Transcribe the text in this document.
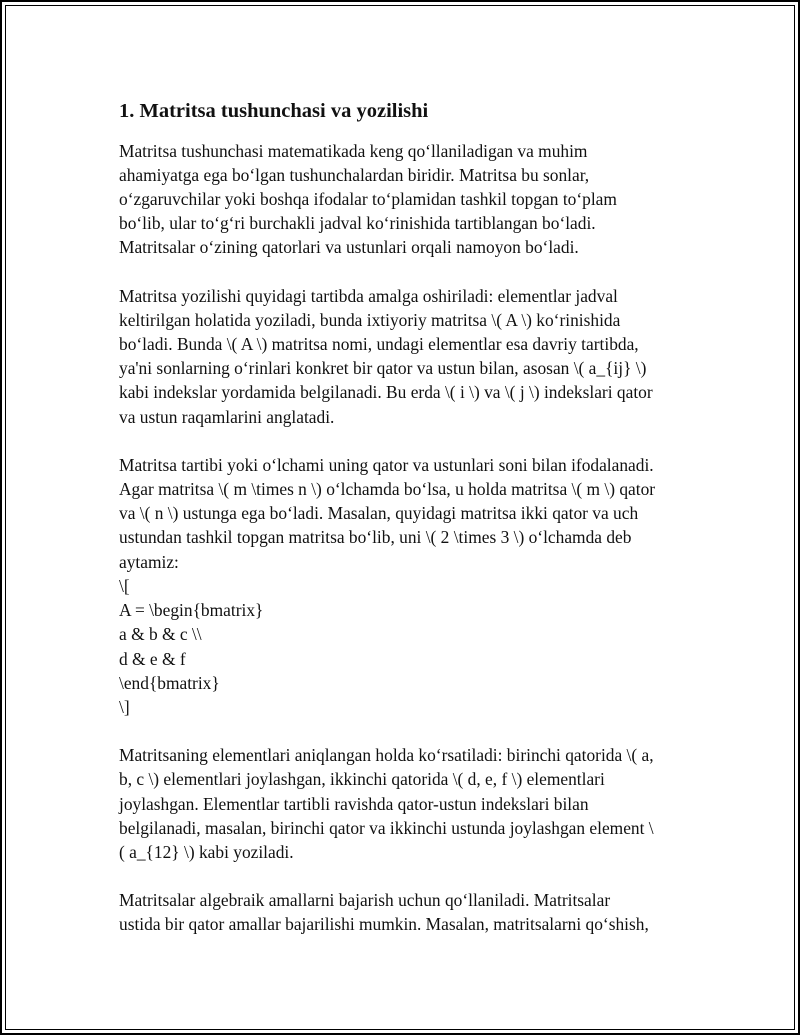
1. Matritsa tushunchasi va yozilishi

Matritsa tushunchasi matematikada keng qo‘llaniladigan va muhim
ahamiyatga ega bo‘lgan tushunchalardan biridir. Matritsa bu sonlar,
o‘zgaruvchilar yoki boshqa ifodalar to‘plamidan tashkil topgan to‘plam
bo‘lib, ular to‘g‘ri burchakli jadval ko‘rinishida tartiblangan bo‘ladi.
Matritsalar o‘zining qatorlari va ustunlari orqali namoyon bo‘ladi.

Matritsa yozilishi quyidagi tartibda amalga oshiriladi: elementlar jadval
keltirilgan holatida yoziladi, bunda ixtiyoriy matritsa \( A \) ko‘rinishida
bo‘ladi. Bunda \( A \) matritsa nomi, undagi elementlar esa davriy tartibda,
ya'ni sonlarning o‘rinlari konkret bir qator va ustun bilan, asosan \( a_{ij} \)
kabi indekslar yordamida belgilanadi. Bu erda \( i \) va \( j \) indekslari qator
va ustun raqamlarini anglatadi.

Matritsa tartibi yoki o‘lchami uning qator va ustunlari soni bilan ifodalanadi.
Agar matritsa \( m \times n \) o‘lchamda bo‘lsa, u holda matritsa \( m \) qator
va \( n \) ustunga ega bo‘ladi. Masalan, quyidagi matritsa ikki qator va uch
ustundan tashkil topgan matritsa bo‘lib, uni \( 2 \times 3 \) o‘lchamda deb
aytamiz:
\[
A = \begin{bmatrix}
a & b & c \\
d & e & f
\end{bmatrix}
\]

Matritsaning elementlari aniqlangan holda ko‘rsatiladi: birinchi qatorida \( a,
b, c \) elementlari joylashgan, ikkinchi qatorida \( d, e, f \) elementlari
joylashgan. Elementlar tartibli ravishda qator-ustun indekslari bilan
belgilanadi, masalan, birinchi qator va ikkinchi ustunda joylashgan element \
( a_{12} \) kabi yoziladi.

Matritsalar algebraik amallarni bajarish uchun qo‘llaniladi. Matritsalar
ustida bir qator amallar bajarilishi mumkin. Masalan, matritsalarni qo‘shish,
